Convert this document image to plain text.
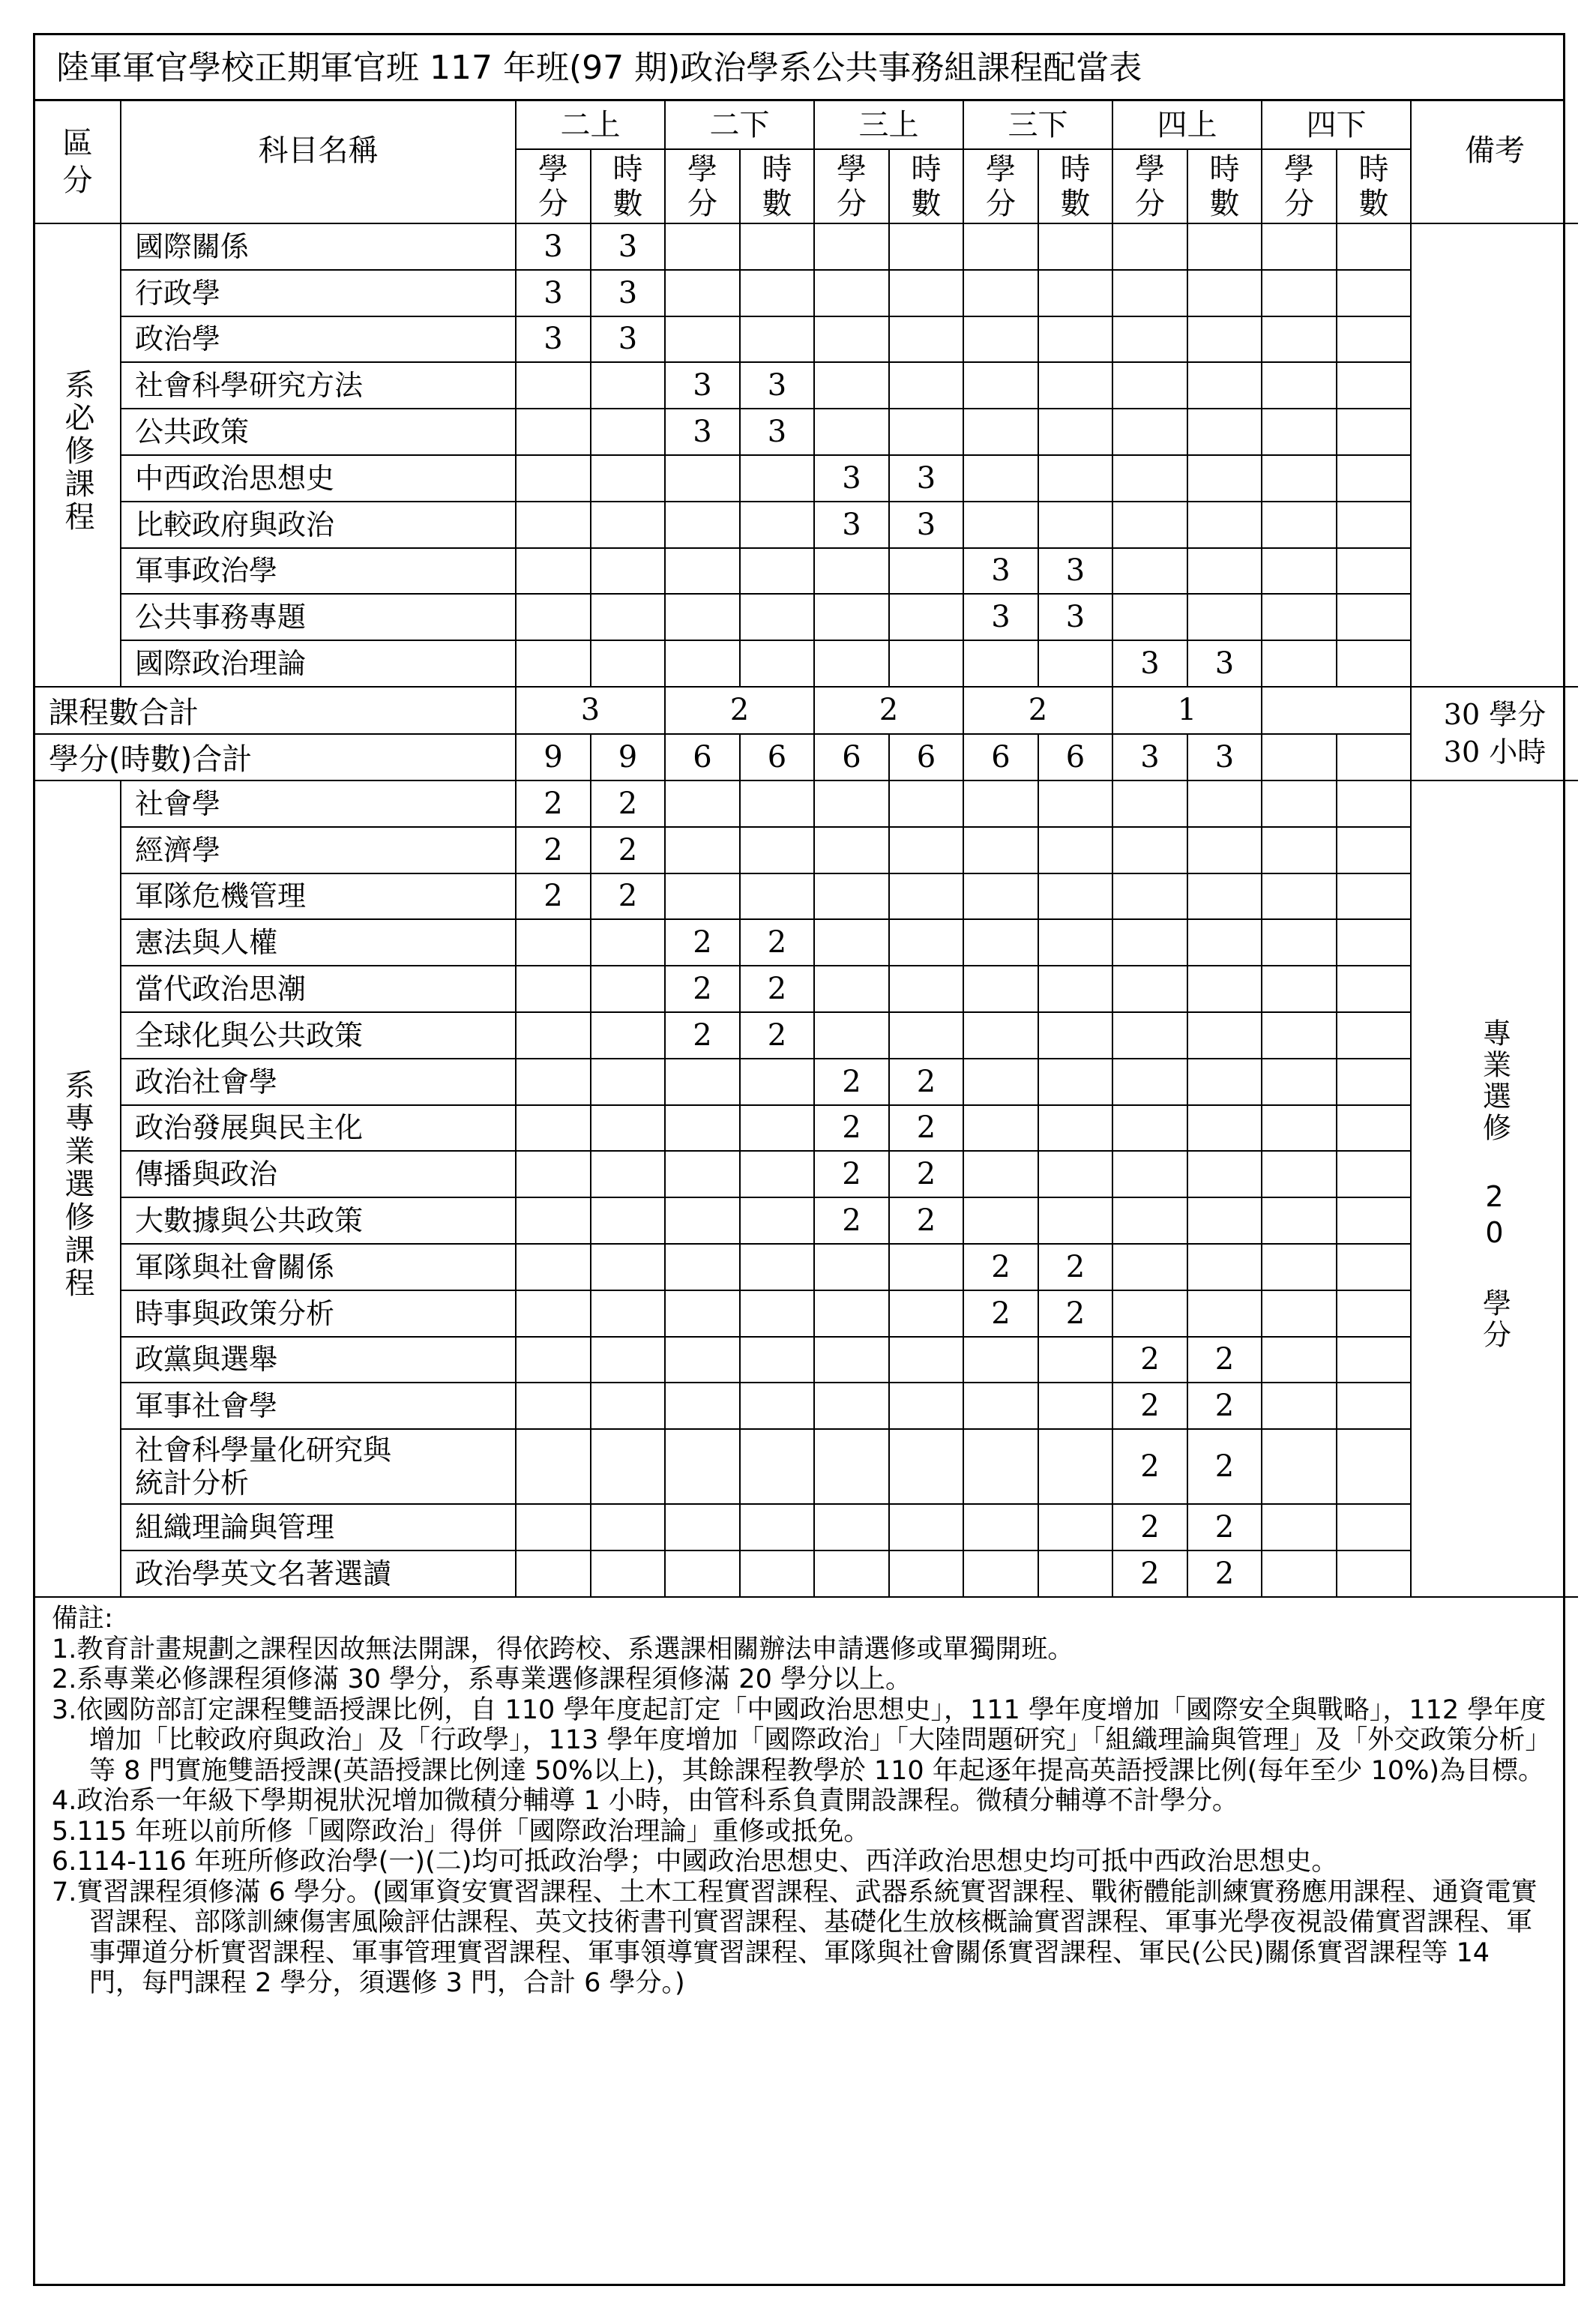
陸軍軍官學校正期軍官班 117 年班(97 期)政治學系公共事務組課程配當表
區分	科目名稱	二上		二下		三上		三下		四上		四下		備考
		學分	時數	學分	時數	學分	時數	學分	時數	學分	時數	學分	時數	
系必修課程	國際關係	3	3											
	行政學	3	3											
	政治學	3	3											
	社會科學研究方法			3	3									
	公共政策			3	3									
	中西政治思想史					3	3							
	比較政府與政治					3	3							
	軍事政治學							3	3					
	公共事務專題							3	3					
	國際政治理論									3	3			
課程數合計		3		2		2		2		1				30 學分
30 小時

學分(時數)合計		9	9	6	6	6	6	6	6	3	3			
系專業選修課程	社會學	2	2											專業選修 20 學分
	經濟學	2	2											
	軍隊危機管理	2	2											
	憲法與人權			2	2									
	當代政治思潮			2	2									
	全球化與公共政策			2	2									
	政治社會學					2	2							
	政治發展與民主化					2	2							
	傳播與政治					2	2							
	大數據與公共政策					2	2							
	軍隊與社會關係							2	2					
	時事與政策分析							2	2					
	政黨與選舉									2	2			
	軍事社會學									2	2			

	社會科學量化研究與
統計分析									2	2			
	組織理論與管理									2	2			
	政治學英文名著選讀									2	2			

備註:

1.教育計畫規劃之課程因故無法開課，得依跨校、系選課相關辦法申請選修或單獨開班。

2.系專業必修課程須修滿 30 學分，系專業選修課程須修滿 20 學分以上。

3.依國防部訂定課程雙語授課比例，自 110 學年度起訂定「中國政治思想史」，111 學年度增加「國際安全與戰略」，112 學年度增加「比較政府與政治」及「行政學」，113 學年度增加「國際政治」「大陸問題研究」「組織理論與管理」及「外交政策分析」等 8 門實施雙語授課(英語授課比例達 50%以上)，其餘課程教學於 110 年起逐年提高英語授課比例(每年至少 10%)為目標。

4.政治系一年級下學期視狀況增加微積分輔導 1 小時，由管科系負責開設課程。微積分輔導不計學分。

5.115 年班以前所修「國際政治」得併「國際政治理論」重修或抵免。

6.114-116 年班所修政治學(一)(二)均可抵政治學；中國政治思想史、西洋政治思想史均可抵中西政治思想史。

7.實習課程須修滿 6 學分。(國軍資安實習課程、土木工程實習課程、武器系統實習課程、戰術體能訓練實務應用課程、通資電實習課程、部隊訓練傷害風險評估課程、英文技術書刊實習課程、基礎化生放核概論實習課程、軍事光學夜視設備實習課程、軍事彈道分析實習課程、軍事管理實習課程、軍事領導實習課程、軍隊與社會關係實習課程、軍民(公民)關係實習課程等 14 門，每門課程 2 學分，須選修 3 門，合計 6 學分。)
